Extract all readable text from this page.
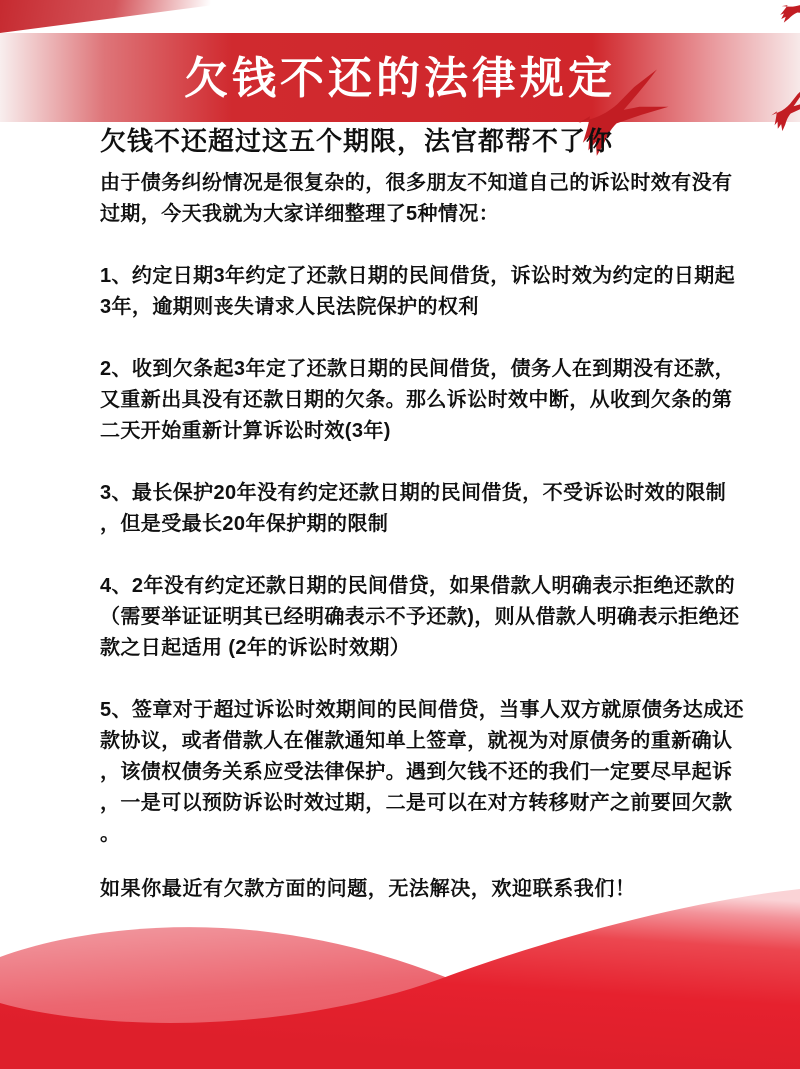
欠钱不还的法律规定
欠钱不还超过这五个期限，法官都帮不了你
由于债务纠纷情况是很复杂的，很多朋友不知道自己的诉讼时效有没有
过期，今天我就为大家详细整理了5种情况：
1、约定日期3年约定了还款日期的民间借货，诉讼时效为约定的日期起
3年，逾期则丧失请求人民法院保护的权利
2、收到欠条起3年定了还款日期的民间借货，债务人在到期没有还款，
又重新出具没有还款日期的欠条。那么诉讼时效中断，从收到欠条的第
二天开始重新计算诉讼时效(3年)
3、最长保护20年没有约定还款日期的民间借货，不受诉讼时效的限制
，但是受最长20年保护期的限制
4、2年没有约定还款日期的民间借贷，如果借款人明确表示拒绝还款的
（需要举证证明其已经明确表示不予还款)，则从借款人明确表示拒绝还
款之日起适用 (2年的诉讼时效期）
5、签章对于超过诉讼时效期间的民间借贷，当事人双方就原债务达成还
款协议，或者借款人在催款通知单上签章，就视为对原债务的重新确认
，该债权债务关系应受法律保护。遇到欠钱不还的我们一定要尽早起诉
，一是可以预防诉讼时效过期，二是可以在对方转移财产之前要回欠款
。
如果你最近有欠款方面的问题，无法解决，欢迎联系我们！
